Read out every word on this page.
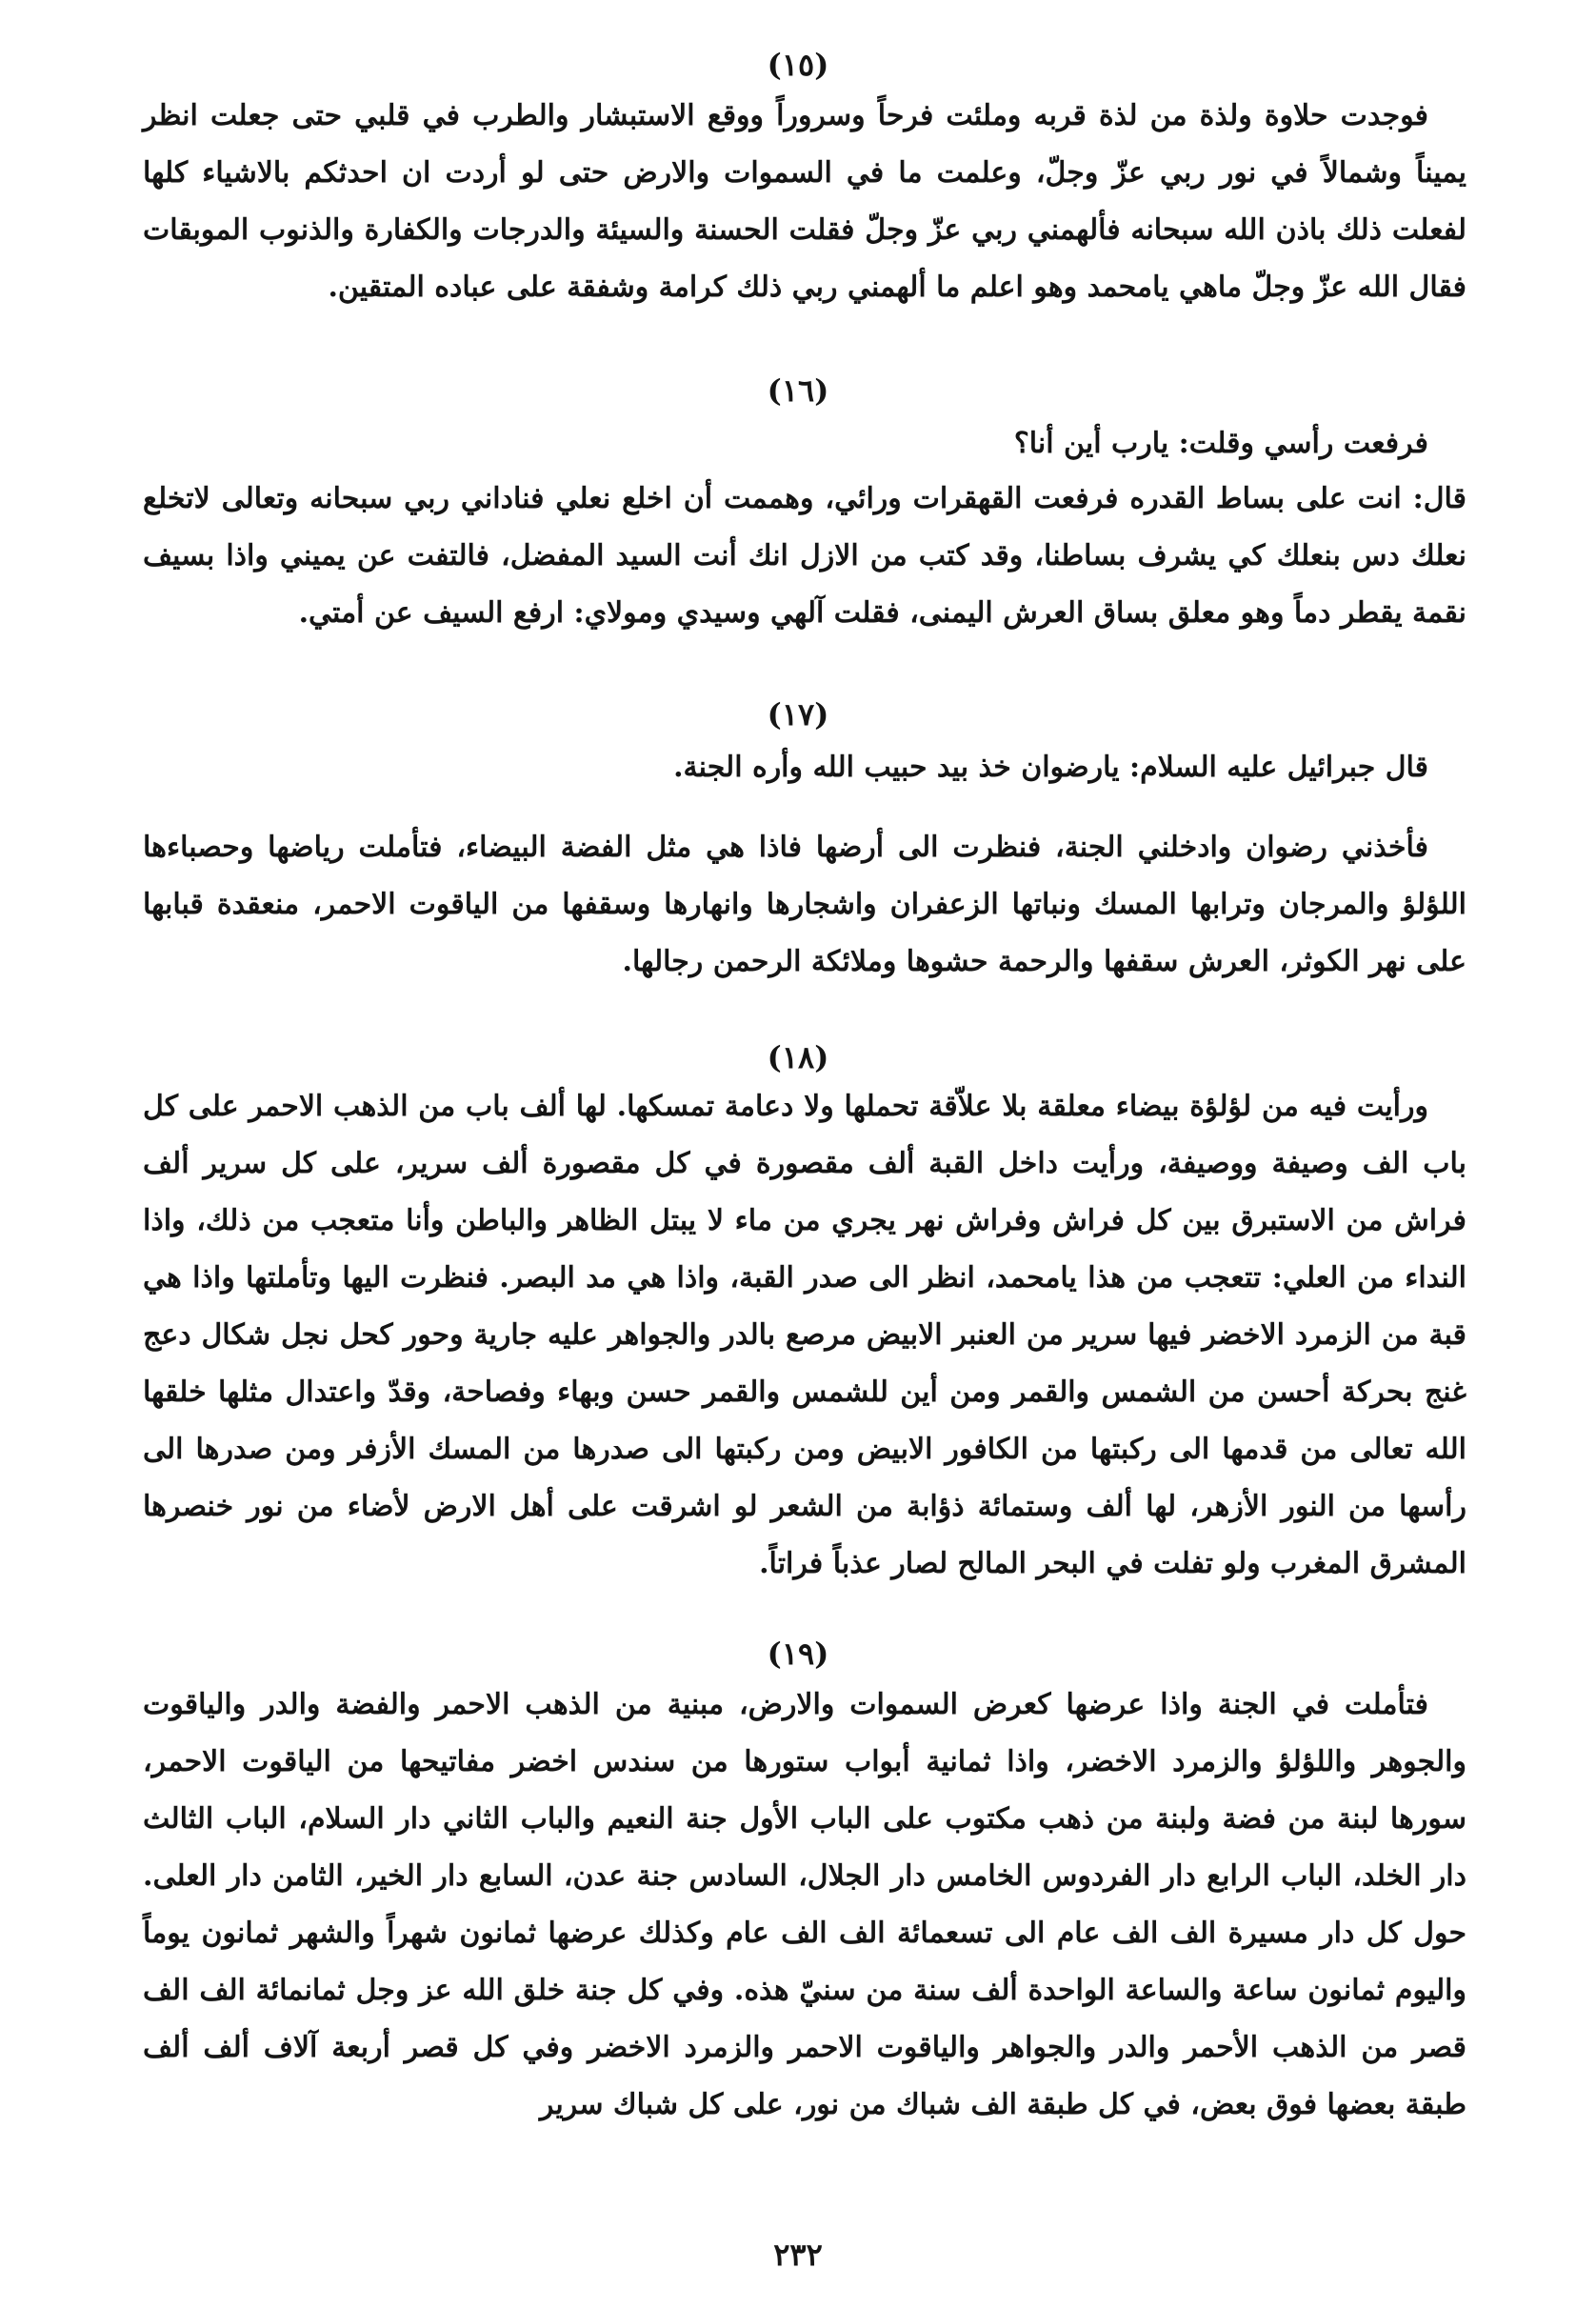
(١٥)
فوجدت حلاوة ولذة من لذة قربه وملئت فرحاً وسروراً ووقع الاستبشار والطرب في قلبي حتى جعلت انظر يميناً وشمالاً في نور ربي عزّ وجلّ، وعلمت ما في السموات والارض حتى لو أردت ان احدثكم بالاشياء كلها لفعلت ذلك باذن الله سبحانه فألهمني ربي عزّ وجلّ فقلت الحسنة والسيئة والدرجات والكفارة والذنوب الموبقات فقال الله عزّ وجلّ ماهي يامحمد وهو اعلم ما ألهمني ربي ذلك كرامة وشفقة على عباده المتقين.
(١٦)
فرفعت رأسي وقلت: يارب أين أنا؟
قال: انت على بساط القدره فرفعت القهقرات ورائي، وهممت أن اخلع نعلي فناداني ربي سبحانه وتعالى لاتخلع نعلك دس بنعلك كي يشرف بساطنا، وقد كتب من الازل انك أنت السيد المفضل، فالتفت عن يميني واذا بسيف نقمة يقطر دماً وهو معلق بساق العرش اليمنى، فقلت آلهي وسيدي ومولاي: ارفع السيف عن أمتي.
(١٧)
قال جبرائيل عليه السلام: يارضوان خذ بيد حبيب الله وأره الجنة.
فأخذني رضوان وادخلني الجنة، فنظرت الى أرضها فاذا هي مثل الفضة البيضاء، فتأملت رياضها وحصباءها اللؤلؤ والمرجان وترابها المسك ونباتها الزعفران واشجارها وانهارها وسقفها من الياقوت الاحمر، منعقدة قبابها على نهر الكوثر، العرش سقفها والرحمة حشوها وملائكة الرحمن رجالها.
(١٨)
ورأيت فيه من لؤلؤة بيضاء معلقة بلا علاّقة تحملها ولا دعامة تمسكها. لها ألف باب من الذهب الاحمر على كل باب الف وصيفة ووصيفة، ورأيت داخل القبة ألف مقصورة في كل مقصورة ألف سرير، على كل سرير ألف فراش من الاستبرق بين كل فراش وفراش نهر يجري من ماء لا يبتل الظاهر والباطن وأنا متعجب من ذلك، واذا النداء من العلي: تتعجب من هذا يامحمد، انظر الى صدر القبة، واذا هي مد البصر. فنظرت اليها وتأملتها واذا هي قبة من الزمرد الاخضر فيها سرير من العنبر الابيض مرصع بالدر والجواهر عليه جارية وحور كحل نجل شكال دعج غنج بحركة أحسن من الشمس والقمر ومن أين للشمس والقمر حسن وبهاء وفصاحة، وقدّ واعتدال مثلها خلقها الله تعالى من قدمها الى ركبتها من الكافور الابيض ومن ركبتها الى صدرها من المسك الأزفر ومن صدرها الى رأسها من النور الأزهر، لها ألف وستمائة ذؤابة من الشعر لو اشرقت على أهل الارض لأضاء من نور خنصرها المشرق المغرب ولو تفلت في البحر المالح لصار عذباً فراتاً.
(١٩)
فتأملت في الجنة واذا عرضها كعرض السموات والارض، مبنية من الذهب الاحمر والفضة والدر والياقوت والجوهر واللؤلؤ والزمرد الاخضر، واذا ثمانية أبواب ستورها من سندس اخضر مفاتيحها من الياقوت الاحمر، سورها لبنة من فضة ولبنة من ذهب مكتوب على الباب الأول جنة النعيم والباب الثاني دار السلام، الباب الثالث دار الخلد، الباب الرابع دار الفردوس الخامس دار الجلال، السادس جنة عدن، السابع دار الخير، الثامن دار العلى. حول كل دار مسيرة الف الف عام الى تسعمائة الف الف عام وكذلك عرضها ثمانون شهراً والشهر ثمانون يوماً واليوم ثمانون ساعة والساعة الواحدة ألف سنة من سنيّ هذه. وفي كل جنة خلق الله عز وجل ثمانمائة الف الف قصر من الذهب الأحمر والدر والجواهر والياقوت الاحمر والزمرد الاخضر وفي كل قصر أربعة آلاف ألف ألف طبقة بعضها فوق بعض، في كل طبقة الف شباك من نور، على كل شباك سرير
٢٣٢
